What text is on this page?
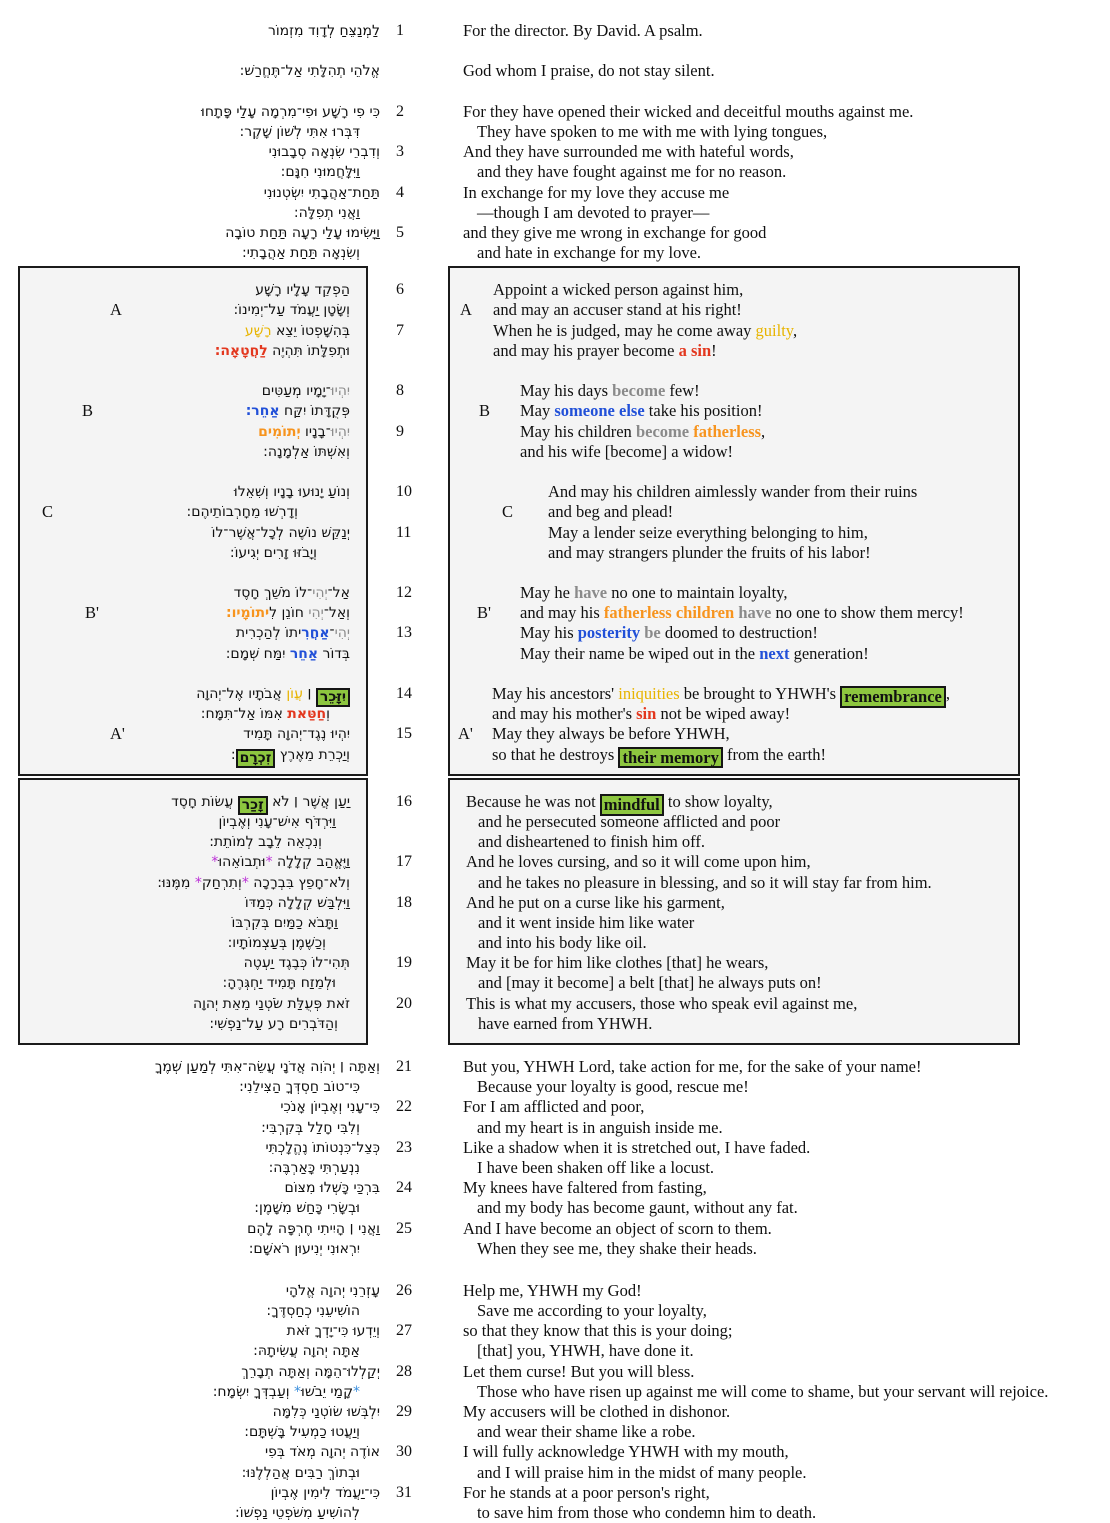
לַמְנַצֵּחַ לְדָוִד מִזְמוֹר
אֱלֹהֵי תְהִלָּתִי אַל־תֶּחֱרַשׁ:
כִּי פִי רָשָׁע וּפִי־מִרְמָה עָלַי פָּתָחוּ
דִּבְּרוּ אִתִּי לְשׁוֹן שָׁקֶר:
וְדִבְרֵי שִׂנְאָה סְבָבוּנִי
וַיִּלָּחֲמוּנִי חִנָּם:
תַּחַת־אַהֲבָתִי יִשְׂטְנוּנִי
וַאֲנִי תְפִלָּה:
וַיָּשִׂימוּ עָלַי רָעָה תַּחַת טוֹבָה
וְשִׂנְאָה תַּחַת אַהֲבָתִי:
1
2
3
4
5
For the director. By David. A psalm.
God whom I praise, do not stay silent.
For they have opened their wicked and deceitful mouths against me.
They have spoken to me with me with lying tongues,
And they have surrounded me with hateful words,
and they have fought against me for no reason.
In exchange for my love they accuse me
—though I am devoted to prayer—
and they give me wrong in exchange for good
and hate in exchange for my love.
הַפְקֵד עָלָיו רָשָׁע
וְשָׂטָן יַעֲמֹד עַל־יְמִינוֹ:
A
בְּהִשָּׁפְטוֹ יֵצֵא רָשָׁע
וּתְפִלָּתוֹ תִּהְיֶה לַחֲטָאָה:
יִהְיוּ־יָמָיו מְעַטִּים
פְּקֻדָּתוֹ יִקַּח אַחֵר:
B
יִהְיוּ־בָנָיו יְתוֹמִים
וְאִשְׁתּוֹ אַלְמָנָה:
וְנוֹעַ יָנוּעוּ בָנָיו וְשִׁאֵלוּ
וְדָרְשׁוּ מֵחָרְבוֹתֵיהֶם:
C
יְנַקֵּשׁ נוֹשֶׁה לְכָל־אֲשֶׁר־לוֹ
וְיָבֹזּוּ זָרִים יְגִיעוֹ:
אַל־יְהִי־לוֹ מֹשֵׁךְ חָסֶד
וְאַל־יְהִי חוֹנֵן לִיתוֹמָיו:
B'
יְהִי־אַחֲרִיתוֹ לְהַכְרִית
בְּדוֹר אַחֵר יִמַּח שְׁמָם:
יִזָּכֵר ׀ עֲוֺן אֲבֹתָיו אֶל־יְהוָה
וְחַטַּאת אִמּוֹ אַל־תִּמָּח:
יִהְיוּ נֶגֶד־יְהוָה תָּמִיד
A'
וְיַכְרֵת מֵאֶרֶץ זִכְרָם:
6
7
8
9
10
11
12
13
14
15
Appoint a wicked person against him,
and may an accuser stand at his right!
A
When he is judged, may he come away guilty,
and may his prayer become a sin!
May his days become few!
May someone else take his position!
B
May his children become fatherless,
and his wife [become] a widow!
And may his children aimlessly wander from their ruins
and beg and plead!
C
May a lender seize everything belonging to him,
and may strangers plunder the fruits of his labor!
May he have no one to maintain loyalty,
and may his fatherless children have no one to show them mercy!
B'
May his posterity be doomed to destruction!
May their name be wiped out in the next generation!
May his ancestors' iniquities be brought to YHWH's remembrance ,
and may his mother's sin not be wiped away!
May they always be before YHWH,
A'
so that he destroys their memory from the earth!
יַעַן אֲשֶׁר ׀ לֹא זָכַר עֲשׂוֹת חָסֶד
וַיִּרְדֹּף אִישׁ־עָנִי וְאֶבְיוֹן
וְנִכְאֵה לֵבָב לְמוֹתֵת:
וַיֶּאֱהַב קְלָלָה *וּתְבוֹאֵהוּ*
וְלֹא־חָפֵץ בִּבְרָכָה *וְתִרְחַק* מִמֶּנּוּ:
וַיִּלְבַּשׁ קְלָלָה כְּמַדּוֹ
וַתָּבֹא כַמַּיִם בְּקִרְבּוֹ
וְכַשֶּׁמֶן בְּעַצְמוֹתָיו:
תְּהִי־לוֹ כְּבֶגֶד יַעְטֶה
וּלְמֵזַח תָּמִיד יַחְגְּרֶהָ:
זֹאת פְּעֻלַּת שֹׂטְנַי מֵאֵת יְהוָה
וְהַדֹּבְרִים רָע עַל־נַפְשִׁי:
16
17
18
19
20
Because he was not mindful to show loyalty,
and he persecuted someone afflicted and poor
and disheartened to finish him off.
And he loves cursing, and so it will come upon him,
and he takes no pleasure in blessing, and so it will stay far from him.
And he put on a curse like his garment,
and it went inside him like water
and into his body like oil.
May it be for him like clothes [that] he wears,
and [may it become] a belt [that] he always puts on!
This is what my accusers, those who speak evil against me,
have earned from YHWH.
וְאַתָּה ׀ יְהֹוִה אֲדֹנָי עֲשֵׂה־אִתִּי לְמַעַן שְׁמֶךָ
כִּי־טוֹב חַסְדְּךָ הַצִּילֵנִי:
כִּי־עָנִי וְאֶבְיוֹן אָנֹכִי
וְלִבִּי חָלַל בְּקִרְבִּי:
כְּצֵל־כִּנְטוֹתוֹ נֶהֱלָכְתִּי
נִנְעַרְתִּי כָּאַרְבֶּה:
בִּרְכַּי כָּשְׁלוּ מִצּוֹם
וּבְשָׂרִי כָּחַשׁ מִשָּׁמֶן:
וַאֲנִי ׀ הָיִיתִי חֶרְפָּה לָהֶם
יִרְאוּנִי יְנִיעוּן רֹאשָׁם:
21
22
23
24
25
But you, YHWH Lord, take action for me, for the sake of your name!
Because your loyalty is good, rescue me!
For I am afflicted and poor,
and my heart is in anguish inside me.
Like a shadow when it is stretched out, I have faded.
I have been shaken off like a locust.
My knees have faltered from fasting,
and my body has become gaunt, without any fat.
And I have become an object of scorn to them.
When they see me, they shake their heads.
עָזְרֵנִי יְהוָה אֱלֹהָי
הוֹשִׁיעֵנִי כְחַסְדֶּךָ:
וְיֵדְעוּ כִּי־יָדְךָ זֹּאת
אַתָּה יְהוָה עֲשִׂיתָהּ:
יְקַלְלוּ־הֵמָּה וְאַתָּה תְבָרֵךְ
*קָמַי יֵבֹשׁוּ* וְעַבְדְּךָ יִשְׂמָח:
יִלְבְּשׁוּ שׂוֹטְנַי כְּלִמָּה
וְיַעֲטוּ כַמְעִיל בָּשְׁתָּם:
אוֹדֶה יְהוָה מְאֹד בְּפִי
וּבְתוֹךְ רַבִּים אֲהַלְלֶנּוּ:
כִּי־יַעֲמֹד לִימִין אֶבְיוֹן
לְהוֹשִׁיעַ מִשֹּׁפְטֵי נַפְשׁוֹ:
26
27
28
29
30
31
Help me, YHWH my God!
Save me according to your loyalty,
so that they know that this is your doing;
[that] you, YHWH, have done it.
Let them curse! But you will bless.
Those who have risen up against me will come to shame, but your servant will rejoice.
My accusers will be clothed in dishonor.
and wear their shame like a robe.
I will fully acknowledge YHWH with my mouth,
and I will praise him in the midst of many people.
For he stands at a poor person's right,
to save him from those who condemn him to death.
